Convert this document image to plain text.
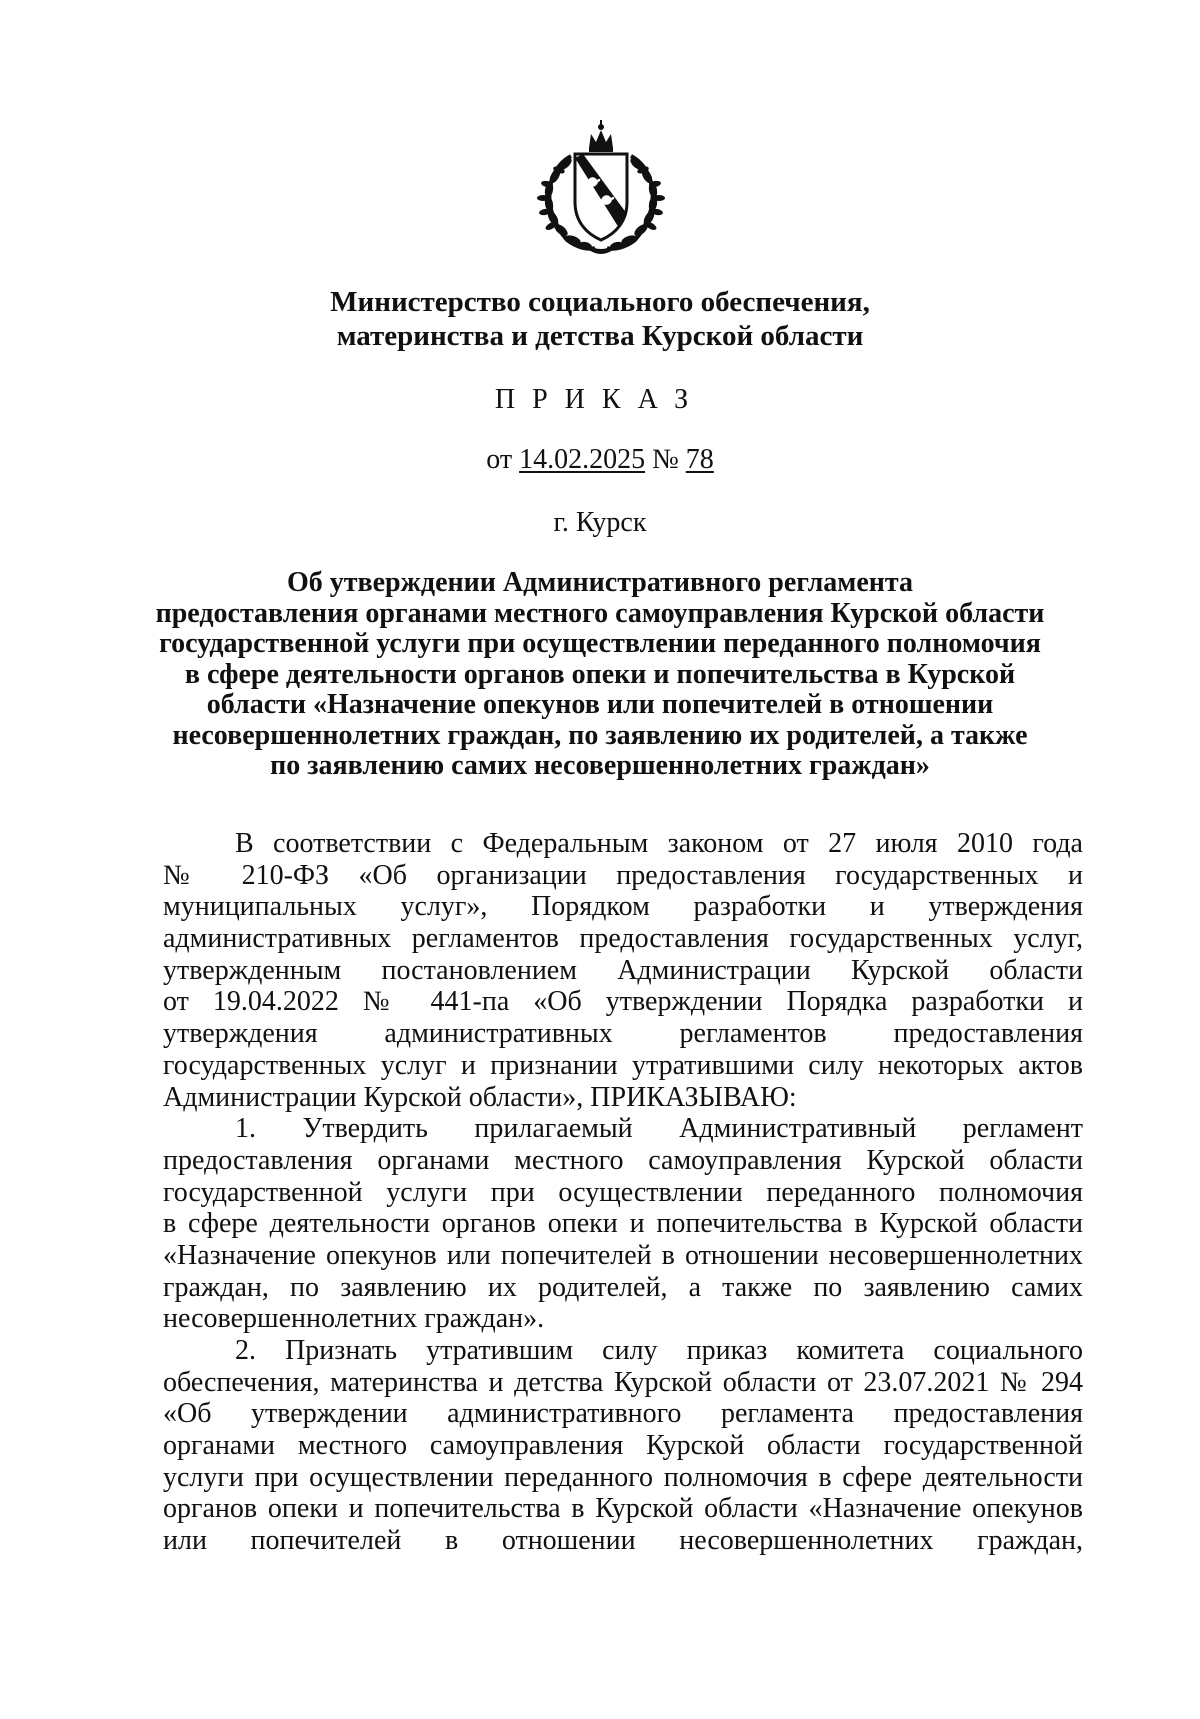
Министерство социального обеспечения,
материнства и детства Курской области
ПРИКАЗ
от 14.02.2025 № 78
г. Курск
Об утверждении Административного регламента
предоставления органами местного самоуправления Курской области
государственной услуги при осуществлении переданного полномочия
в сфере деятельности органов опеки и попечительства в Курской
области «Назначение опекунов или попечителей в отношении
несовершеннолетних граждан, по заявлению их родителей, а также
по заявлению самих несовершеннолетних граждан»
В соответствии с Федеральным законом от 27 июля 2010 года
№ 210-ФЗ «Об организации предоставления государственных и
муниципальных услуг», Порядком разработки и утверждения
административных регламентов предоставления государственных услуг,
утвержденным постановлением Администрации Курской области
от 19.04.2022 № 441-па «Об утверждении Порядка разработки и
утверждения административных регламентов предоставления
государственных услуг и признании утратившими силу некоторых актов
Администрации Курской области», ПРИКАЗЫВАЮ:
1. Утвердить прилагаемый Административный регламент
предоставления органами местного самоуправления Курской области
государственной услуги при осуществлении переданного полномочия
в сфере деятельности органов опеки и попечительства в Курской области
«Назначение опекунов или попечителей в отношении несовершеннолетних
граждан, по заявлению их родителей, а также по заявлению самих
несовершеннолетних граждан».
2. Признать утратившим силу приказ комитета социального
обеспечения, материнства и детства Курской области от 23.07.2021 № 294
«Об утверждении административного регламента предоставления
органами местного самоуправления Курской области государственной
услуги при осуществлении переданного полномочия в сфере деятельности
органов опеки и попечительства в Курской области «Назначение опекунов
или попечителей в отношении несовершеннолетних граждан,
